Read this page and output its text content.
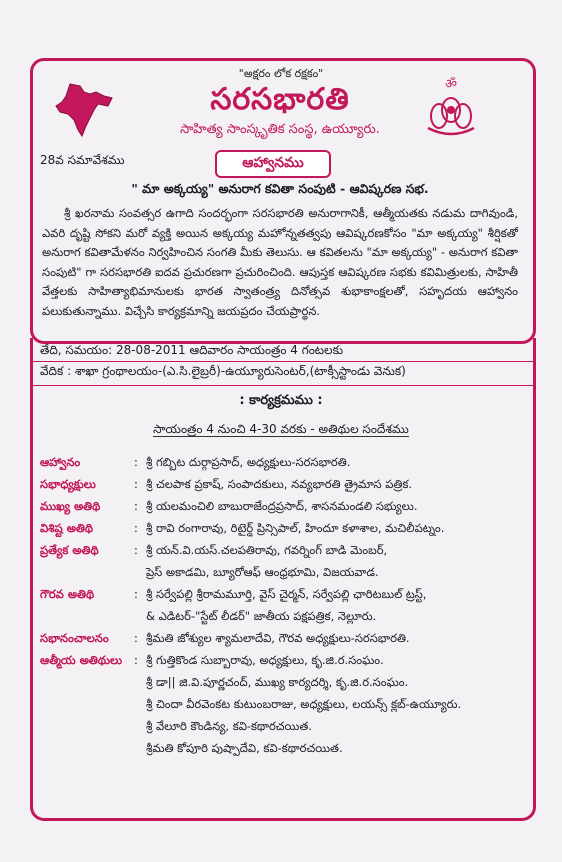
ॐ
"అక్షరం లోక రక్షకం"
సరసభారతి
సాహిత్య సాంస్కృతిక సంస్థ, ఉయ్యూరు.
28వ సమావేశము	ఆహ్వానము
" మా అక్కయ్య" అనురాగ కవితా సంపుటి - ఆవిష్కరణ సభ.
శ్రీ ఖరనామ సంవత్సర ఉగాది సందర్భంగా సరసభారతి అనురాగానికీ, ఆత్మీయతకు నడుమ దాగివుండి, ఎవరి దృష్టి సోకని మరో వ్యక్తి అయిన అక్కయ్య మహోన్నతత్వపు ఆవిష్కరణకోసం "మా అక్కయ్య" శీర్షికతో అనురాగ కవితామేళనం నిర్వహించిన సంగతి మీకు తెలుసు. ఆ కవితలను "మా అక్కయ్య" - అనురాగ కవితా సంపుటి" గా సరసభారతి ఐదవ ప్రచురణగా ప్రచురించింది. ఆపుస్తక ఆవిష్కరణ సభకు కవిమిత్రులకు, సాహితీ వేత్తలకు సాహిత్యాభిమానులకు భారత స్వాతంత్ర్య దినోత్సవ శుభాకాంక్షలతో, సహృదయ ఆహ్వానం పలుకుతున్నాము. విచ్చేసి కార్యక్రమాన్ని జయప్రదం చేయప్రార్థన.
తేది, సమయం: 28-08-2011 ఆదివారం సాయంత్రం 4 గంటలకు
వేదిక : శాఖా గ్రంథాలయం-(ఎ.సి.లైబ్రరీ)-ఉయ్యూరుసెంటర్,(టాక్సీస్టాండు వెనుక)
: కార్యక్రమము :
సాయంత్రం 4 నుంచి 4-30 వరకు - అతిథుల సందేశము
ఆహ్వానం	: శ్రీ గబ్బిట దుర్గాప్రసాద్, అధ్యక్షులు-సరసభారతి.
సభాధ్యక్షులు	: శ్రీ చలపాక ప్రకాష్, సంపాదకులు, నవ్యభారతి త్రైమాస పత్రిక.
ముఖ్య అతిథి	: శ్రీ యలమంచిలి బాబురాజేంద్రప్రసాద్, శాసనమండలి సభ్యులు.
విశిష్ట అతిథి	: శ్రీ రావి రంగారావు, రిటైర్డ్ ప్రిన్సిపాల్, హిందూ కళాశాల, మచిలీపట్నం.
ప్రత్యేక అతిథి	: శ్రీ యన్.వి.యస్.చలపతిరావు, గవర్నింగ్ బాడి మెంబర్,
ప్రెస్ అకాడమి, బ్యూరోఆఫ్ ఆంధ్రభూమి, విజయవాడ.
గౌరవ అతిథి	: శ్రీ సర్వేపల్లి శ్రీరామమూర్తి, వైస్ చైర్మన్, సర్వేపల్లి ఛారిటబుల్ ట్రస్ట్,
& ఎడిటర్-"స్టేట్ లీడర్" జాతీయ పక్షపత్రిక, నెల్లూరు.
సభానంచాలనం	: శ్రీమతి జోశ్యుల శ్యామలాదేవి, గౌరవ అధ్యక్షులు-సరసభారతి.
ఆత్మీయ అతిథులు	: శ్రీ గుత్తికొండ సుబ్బారావు, అధ్యక్షులు, కృ.జి.ర.సంఘం.
శ్రీ డా|| జి.వి.పూర్ణచంద్, ముఖ్య కార్యదర్శి, కృ.జి.ర.సంఘం.
శ్రీ చిందా వీరవెంకట కుటుంబరాజు, అధ్యక్షులు, లయన్స్ క్లబ్-ఉయ్యూరు.
శ్రీ వేలూరి కౌండిన్య, కవి-కథారచయిత.
శ్రీమతి కోపూరి పుష్పాదేవి, కవి-కథారచయిత.
